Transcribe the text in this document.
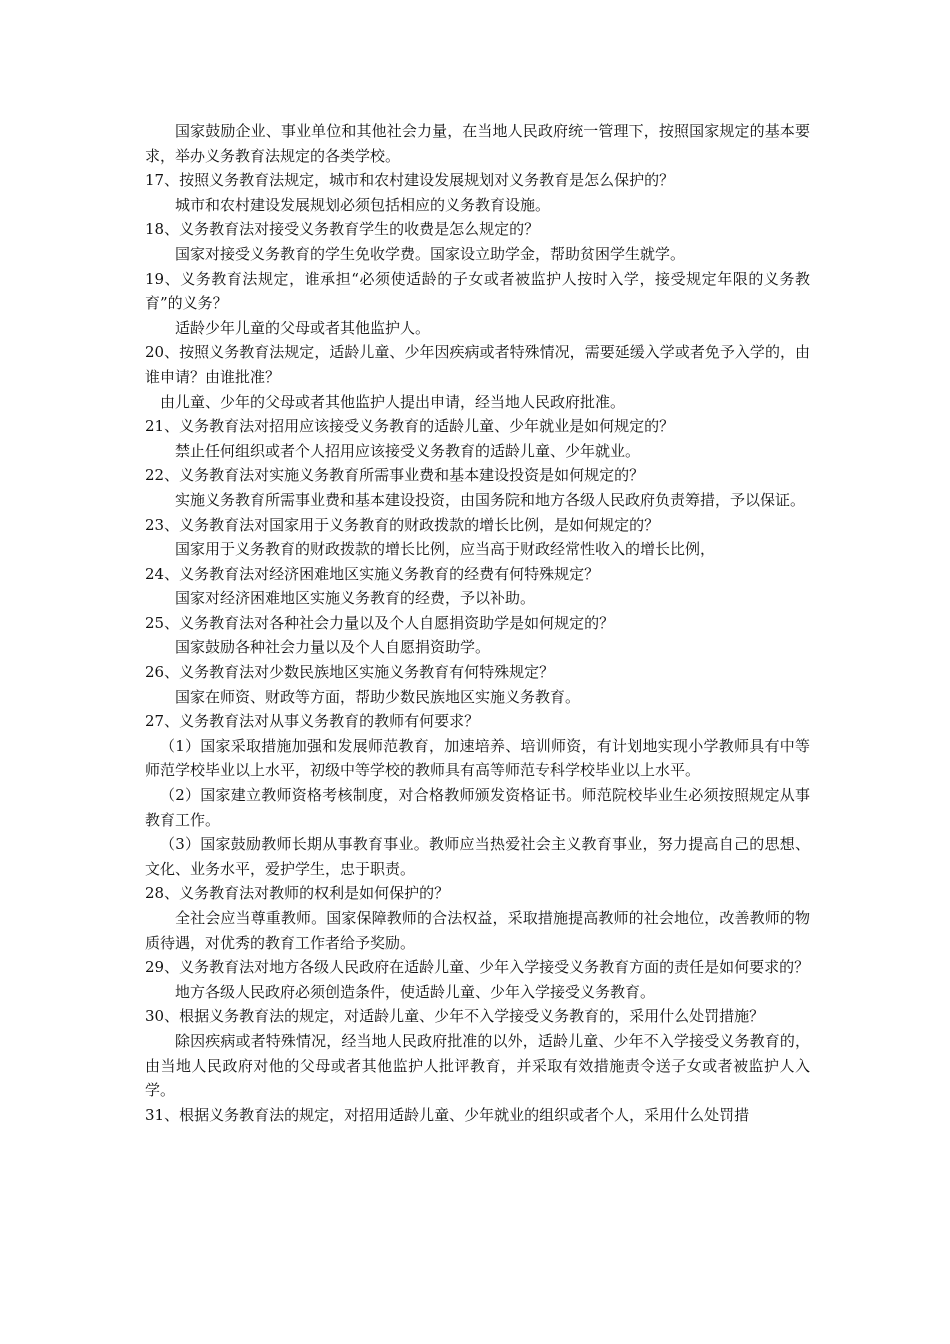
国家鼓励企业、事业单位和其他社会力量，在当地人民政府统一管理下，按照国家规定的基本要求，举办义务教育法规定的各类学校。

17、按照义务教育法规定，城市和农村建设发展规划对义务教育是怎么保护的？

城市和农村建设发展规划必须包括相应的义务教育设施。

18、义务教育法对接受义务教育学生的收费是怎么规定的？

国家对接受义务教育的学生免收学费。国家设立助学金，帮助贫困学生就学。

19、义务教育法规定，谁承担“必须使适龄的子女或者被监护人按时入学，接受规定年限的义务教育”的义务？

适龄少年儿童的父母或者其他监护人。

20、按照义务教育法规定，适龄儿童、少年因疾病或者特殊情况，需要延缓入学或者免予入学的，由谁申请？由谁批准？

由儿童、少年的父母或者其他监护人提出申请，经当地人民政府批准。

21、义务教育法对招用应该接受义务教育的适龄儿童、少年就业是如何规定的？

禁止任何组织或者个人招用应该接受义务教育的适龄儿童、少年就业。

22、义务教育法对实施义务教育所需事业费和基本建设投资是如何规定的？

实施义务教育所需事业费和基本建设投资，由国务院和地方各级人民政府负责筹措，予以保证。

23、义务教育法对国家用于义务教育的财政拨款的增长比例，是如何规定的？

国家用于义务教育的财政拨款的增长比例，应当高于财政经常性收入的增长比例，

24、义务教育法对经济困难地区实施义务教育的经费有何特殊规定？

国家对经济困难地区实施义务教育的经费，予以补助。

25、义务教育法对各种社会力量以及个人自愿捐资助学是如何规定的？

国家鼓励各种社会力量以及个人自愿捐资助学。

26、义务教育法对少数民族地区实施义务教育有何特殊规定？

国家在师资、财政等方面，帮助少数民族地区实施义务教育。

27、义务教育法对从事义务教育的教师有何要求？

（1）国家采取措施加强和发展师范教育，加速培养、培训师资，有计划地实现小学教师具有中等师范学校毕业以上水平，初级中等学校的教师具有高等师范专科学校毕业以上水平。

（2）国家建立教师资格考核制度，对合格教师颁发资格证书。师范院校毕业生必须按照规定从事教育工作。

（3）国家鼓励教师长期从事教育事业。教师应当热爱社会主义教育事业，努力提高自己的思想、文化、业务水平，爱护学生，忠于职责。

28、义务教育法对教师的权利是如何保护的？

全社会应当尊重教师。国家保障教师的合法权益，采取措施提高教师的社会地位，改善教师的物质待遇，对优秀的教育工作者给予奖励。

29、义务教育法对地方各级人民政府在适龄儿童、少年入学接受义务教育方面的责任是如何要求的？

地方各级人民政府必须创造条件，使适龄儿童、少年入学接受义务教育。

30、根据义务教育法的规定，对适龄儿童、少年不入学接受义务教育的，采用什么处罚措施？

除因疾病或者特殊情况，经当地人民政府批准的以外，适龄儿童、少年不入学接受义务教育的，由当地人民政府对他的父母或者其他监护人批评教育，并采取有效措施责令送子女或者被监护人入学。

31、根据义务教育法的规定，对招用适龄儿童、少年就业的组织或者个人，采用什么处罚措
